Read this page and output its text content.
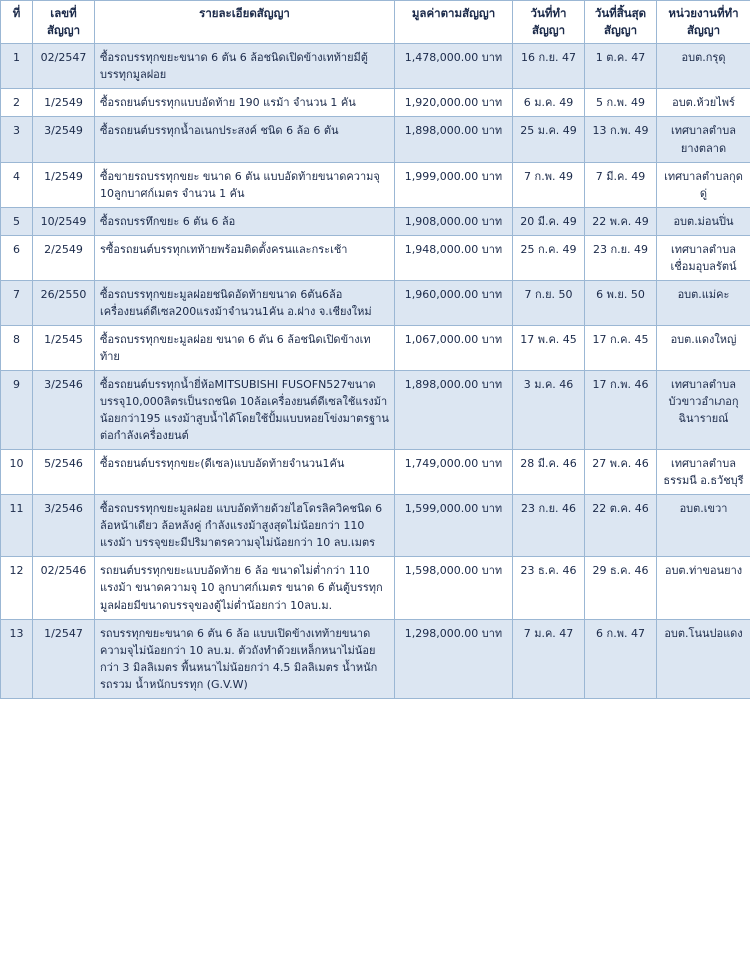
ที่	เลขที่ สัญญา	รายละเอียดสัญญา	มูลค่าตามสัญญา	วันที่ทำ สัญญา	วันที่สิ้นสุด สัญญา	หน่วยงานที่ทำ สัญญา
1	02/2547	ซื้อรถบรรทุกขยะขนาด 6 ตัน 6 ล้อชนิดเปิดข้างเทท้ายมีตู้บรรทุกมูลฝอย	1,478,000.00 บาท	16 ก.ย. 47	1 ต.ค. 47	อบต.กรุดุ
2	1/2549	ซื้อรถยนต์บรรทุกแบบอัดท้าย 190 แรม้า จำนวน 1 คัน	1,920,000.00 บาท	6 ม.ค. 49	5 ก.พ. 49	อบต.ห้วยไพร์
3	3/2549	ซื้อรถยนต์บรรทุกน้ำอเนกประสงค์ ชนิด 6 ล้อ 6 ตัน	1,898,000.00 บาท	25 ม.ค. 49	13 ก.พ. 49	เทศบาลตำบลยางตลาด
4	1/2549	ซื้อขายรถบรรทุกขยะ ขนาด 6 ตัน แบบอัดท้ายขนาดความจุ 10ลูกบาศก์เมตร จำนวน 1 คัน	1,999,000.00 บาท	7 ก.พ. 49	7 มี.ค. 49	เทศบาลตำบลกุดดู่
5	10/2549	ซื้อรถบรรทึกขยะ 6 ตัน 6 ล้อ	1,908,000.00 บาท	20 มี.ค. 49	22 พ.ค. 49	อบต.ม่อนปิ่น
6	2/2549	รซื้อรถยนต์บรรทุกเทท้ายพร้อมติดตั้งครนและกระเช้า	1,948,000.00 บาท	25 ก.ค. 49	23 ก.ย. 49	เทศบาลตำบลเชื่อมอุบลรัตน์
7	26/2550	ซื้อรถบรรทุกขยะมูลฝอยชนิดอัดท้ายขนาด 6ตัน6ล้อ เครื่องยนต์ดีเซล200แรงม้าจำนวน1คัน อ.ฝาง จ.เชียงใหม่	1,960,000.00 บาท	7 ก.ย. 50	6 พ.ย. 50	อบต.แม่คะ
8	1/2545	ซื้อรถบรรทุกขยะมูลฝอย ขนาด 6 ตัน 6 ล้อชนิดเปิดข้างเทท้าย	1,067,000.00 บาท	17 พ.ค. 45	17 ก.ค. 45	อบต.แดงใหญ่
9	3/2546	ซื้อรถยนต์บรรทุกน้ำยี่ห้อMITSUBISHI FUSOFN527ขนาดบรรจุ10,000ลิตรเป็นรถชนิด 10ล้อเครื่องยนต์ดีเซลใช้แรงม้าน้อยกว่า195 แรงม้าสูบน้ำได้โดยใช้ปั้มแบบหอยโข่งมาตรฐานต่อกำลังเครื่องยนต์	1,898,000.00 บาท	3 ม.ค. 46	17 ก.พ. 46	เทศบาลตำบลบัวขาวอำเภอกุฉินารายณ์
10	5/2546	ซื้อรถยนต์บรรทุกขยะ(ดีเซล)แบบอัดท้ายจำนวน1คัน	1,749,000.00 บาท	28 มี.ค. 46	27 พ.ค. 46	เทศบาลตำบลธรรมนี อ.ธวัชบุรี
11	3/2546	ซื้อรถบรรทุกขยะมูลฝอย แบบอัดท้ายด้วยไฮโดรลิควิคชนิด 6 ล้อหน้าเดียว ล้อหลังคู่ กำลังแรงม้าสูงสุดไม่น้อยกว่า 110 แรงม้า บรรจุขยะมีปริมาตรความจุไม่น้อยกว่า 10 ลบ.เมตร	1,599,000.00 บาท	23 ก.ย. 46	22 ต.ค. 46	อบต.เขวา
12	02/2546	รถยนต์บรรทุกขยะแบบอัดท้าย 6 ล้อ ขนาดไม่ต่ำกว่า 110 แรงม้า ขนาดความจุ 10 ลูกบาศก์เมตร ขนาด 6 ตันตู้บรรทุกมูลฝอยมีขนาดบรรจุของตู้ไม่ต่ำน้อยกว่า 10ลบ.ม.	1,598,000.00 บาท	23 ธ.ค. 46	29 ธ.ค. 46	อบต.ท่าขอนยาง
13	1/2547	รถบรรทุกขยะขนาด 6 ตัน 6 ล้อ แบบเปิดข้างเทท้ายขนาดความจุไม่น้อยกว่า 10 ลบ.ม. ตัวถังทำด้วยเหล็กหนาไม่น้อยกว่า 3 มิลลิเมตร พื้นหนาไม่น้อยกว่า 4.5 มิลลิเมตร น้ำหนักรถรวม น้ำหนักบรรทุก (G.V.W)	1,298,000.00 บาท	7 ม.ค. 47	6 ก.พ. 47	อบต.โนนปอแดง
